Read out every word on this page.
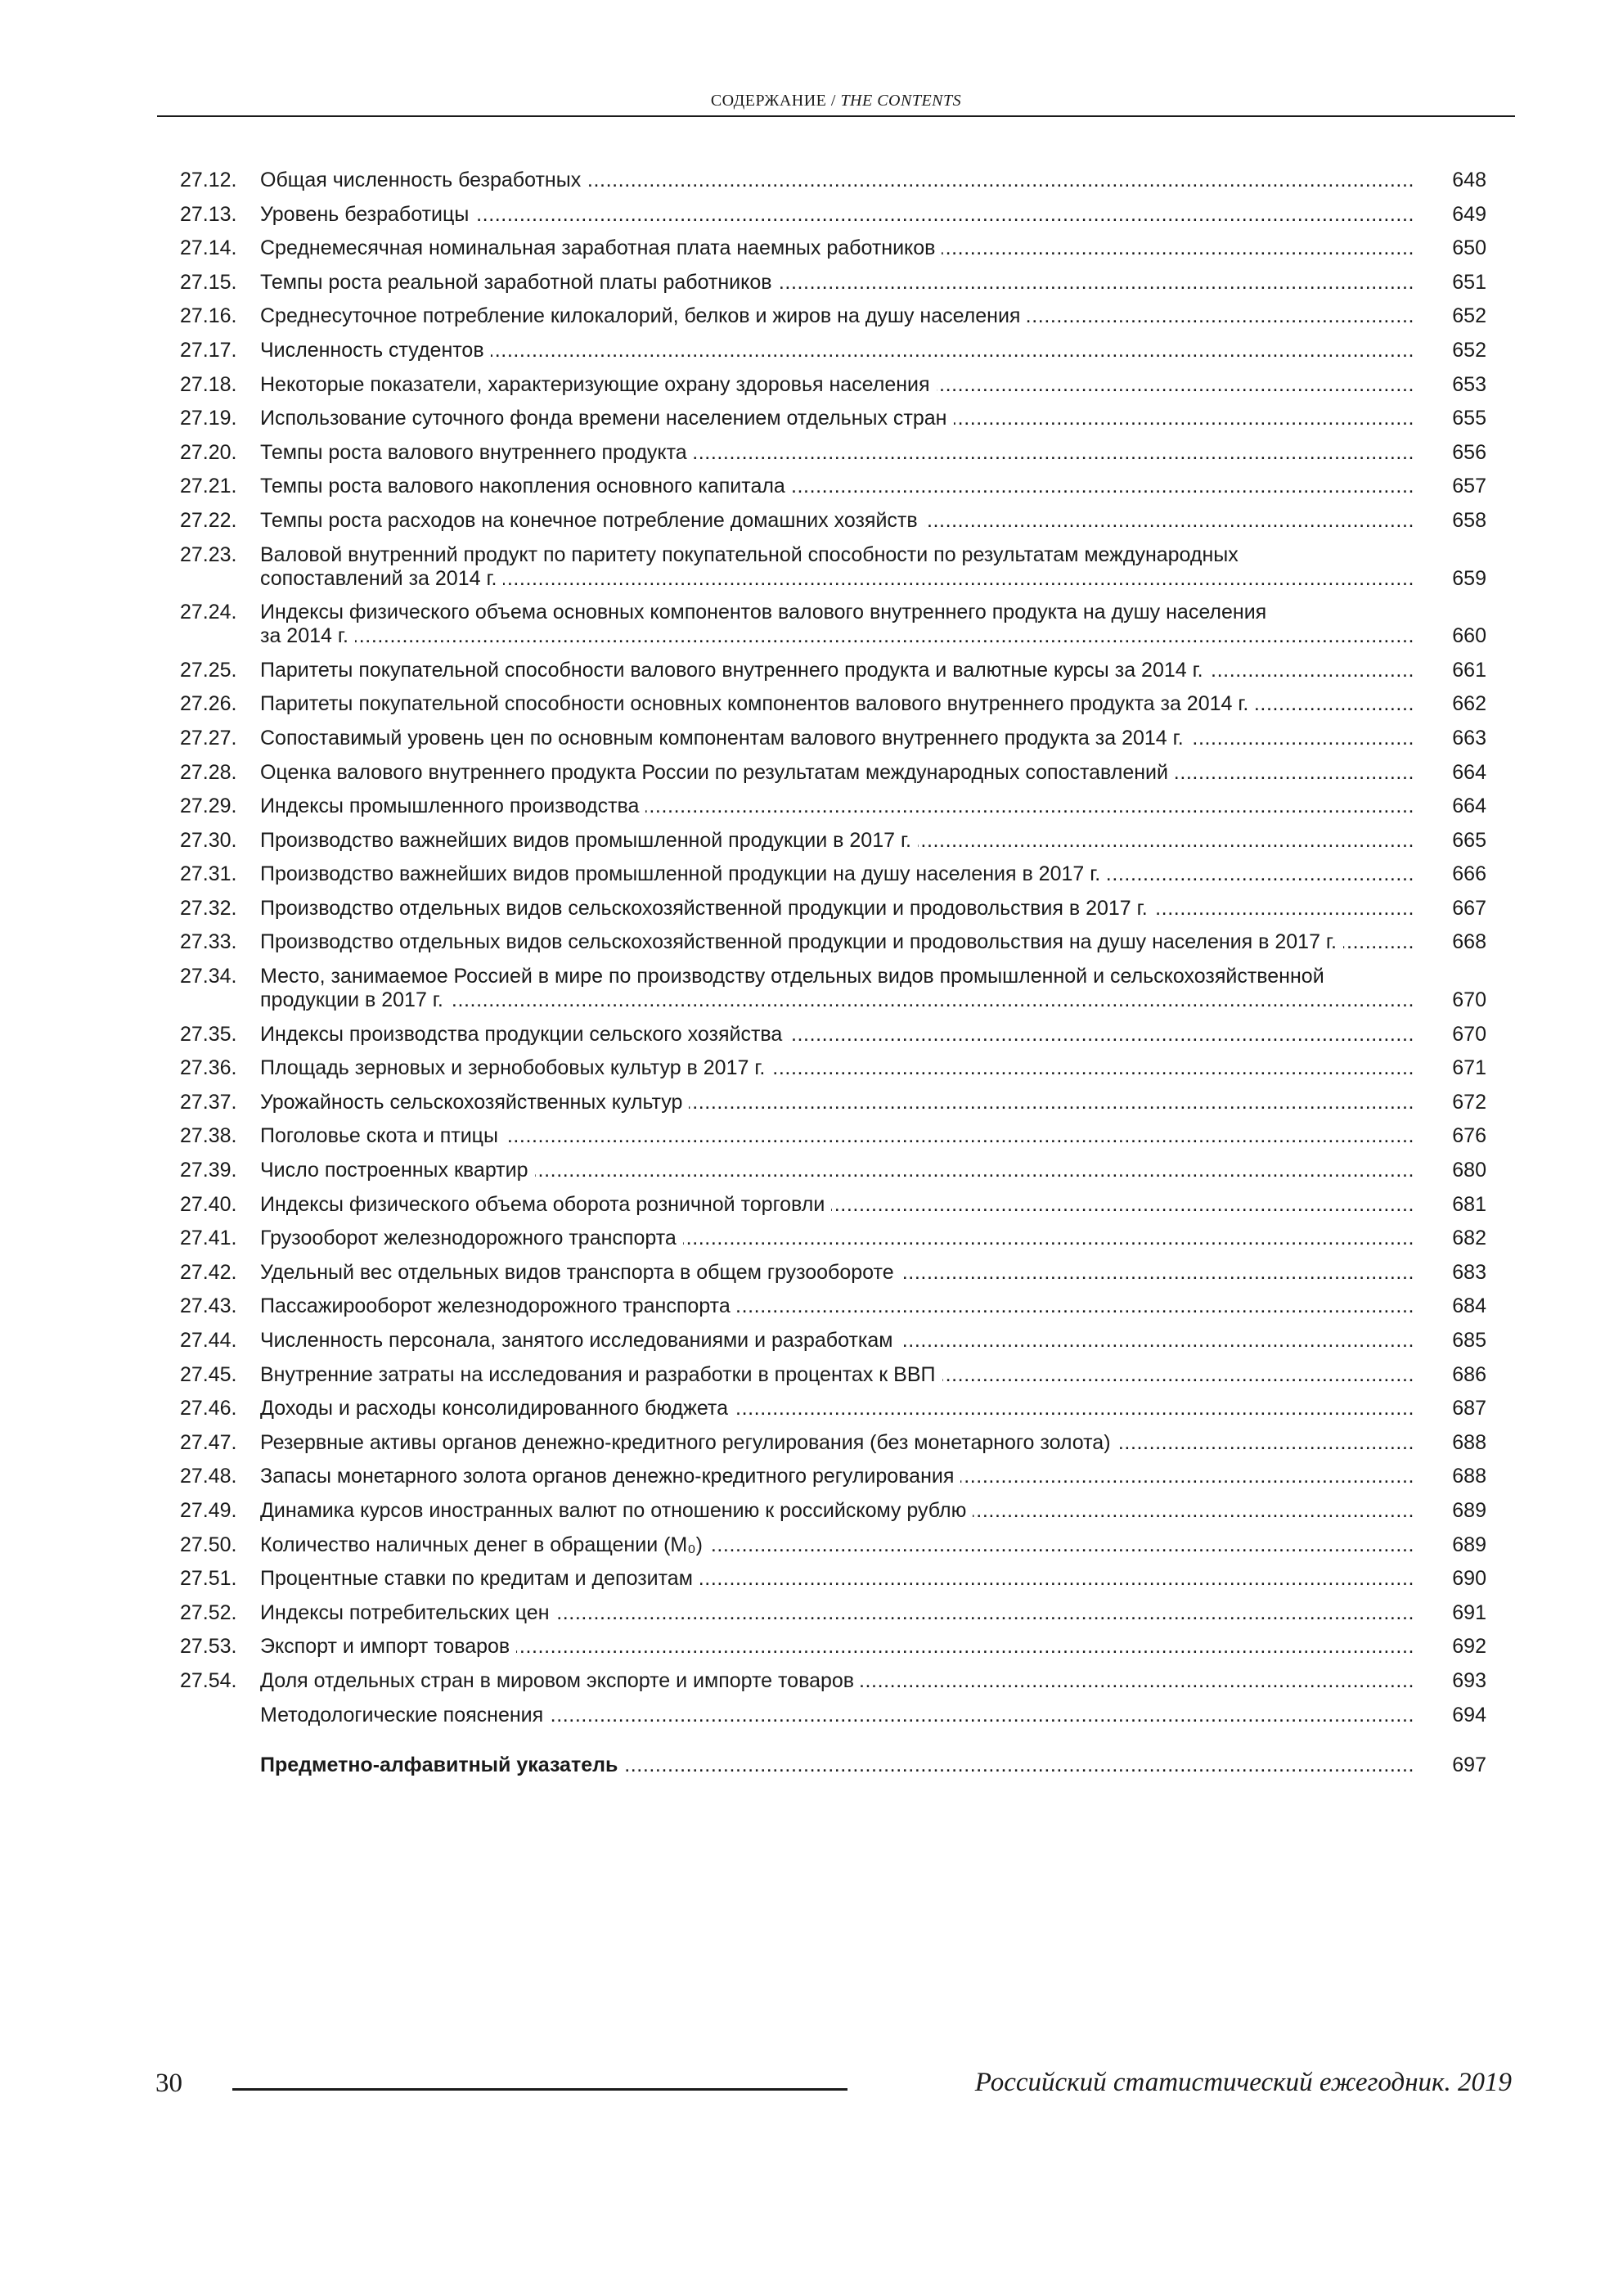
СОДЕРЖАНИЕ / THE CONTENTS
27.12.	Общая численность безработных .....	648
27.13.	Уровень безработицы .....	649
27.14.	Среднемесячная номинальная заработная плата наемных работников .....	650
27.15.	Темпы роста реальной заработной платы работников .....	651
27.16.	Среднесуточное потребление килокалорий, белков и жиров на душу населения .....	652
27.17.	Численность студентов .....	652
27.18.	Некоторые показатели, характеризующие охрану здоровья населения .....	653
27.19.	Использование суточного фонда времени населением отдельных стран .....	655
27.20.	Темпы роста валового внутреннего продукта .....	656
27.21.	Темпы роста валового накопления основного капитала .....	657
27.22.	Темпы роста расходов на конечное потребление домашних хозяйств .....	658
27.23.	Валовой внутренний продукт по паритету покупательной способности по результатам международных
сопоставлений за 2014 г. .....	659
27.24.	Индексы физического объема основных компонентов валового внутреннего продукта на душу населения
за 2014 г. .....	660
27.25.	Паритеты покупательной способности валового внутреннего продукта и валютные курсы за 2014 г. .....	661
27.26.	Паритеты покупательной способности основных компонентов валового внутреннего продукта за 2014 г. .....	662
27.27.	Сопоставимый уровень цен по основным компонентам валового внутреннего продукта за 2014 г. .....	663
27.28.	Оценка валового внутреннего продукта России по результатам международных сопоставлений .....	664
27.29.	Индексы промышленного производства .....	664
27.30.	Производство важнейших видов промышленной продукции в 2017 г. .....	665
27.31.	Производство важнейших видов промышленной продукции на душу населения в 2017 г. .....	666
27.32.	Производство отдельных видов сельскохозяйственной продукции и продовольствия в 2017 г. .....	667
27.33.	Производство отдельных видов сельскохозяйственной продукции и продовольствия на душу населения в 2017 г. .....	668
27.34.	Место, занимаемое Россией в мире по производству отдельных видов промышленной и сельскохозяйственной
продукции в 2017 г. .....	670
27.35.	Индексы производства продукции сельского хозяйства .....	670
27.36.	Площадь зерновых и зернобобовых культур в 2017 г. .....	671
27.37.	Урожайность сельскохозяйственных культур .....	672
27.38.	Поголовье скота и птицы .....	676
27.39.	Число построенных квартир .....	680
27.40.	Индексы физического объема оборота розничной торговли .....	681
27.41.	Грузооборот железнодорожного транспорта .....	682
27.42.	Удельный вес отдельных видов транспорта в общем грузообороте .....	683
27.43.	Пассажирооборот железнодорожного транспорта .....	684
27.44.	Численность персонала, занятого исследованиями и разработкам .....	685
27.45.	Внутренние затраты на исследования и разработки в процентах к ВВП .....	686
27.46.	Доходы и расходы консолидированного бюджета .....	687
27.47.	Резервные активы органов денежно-кредитного регулирования (без монетарного золота) .....	688
27.48.	Запасы монетарного золота органов денежно-кредитного регулирования .....	688
27.49.	Динамика курсов иностранных валют по отношению к российскому рублю .....	689
27.50.	Количество наличных денег в обращении (M₀) .....	689
27.51.	Процентные ставки по кредитам и депозитам .....	690
27.52.	Индексы потребительских цен .....	691
27.53.	Экспорт и импорт товаров .....	692
27.54.	Доля отдельных стран в мировом экспорте и импорте товаров .....	693
Методологические пояснения .....	694
Предметно-алфавитный указатель .....	697
30	Российский статистический ежегодник. 2019
